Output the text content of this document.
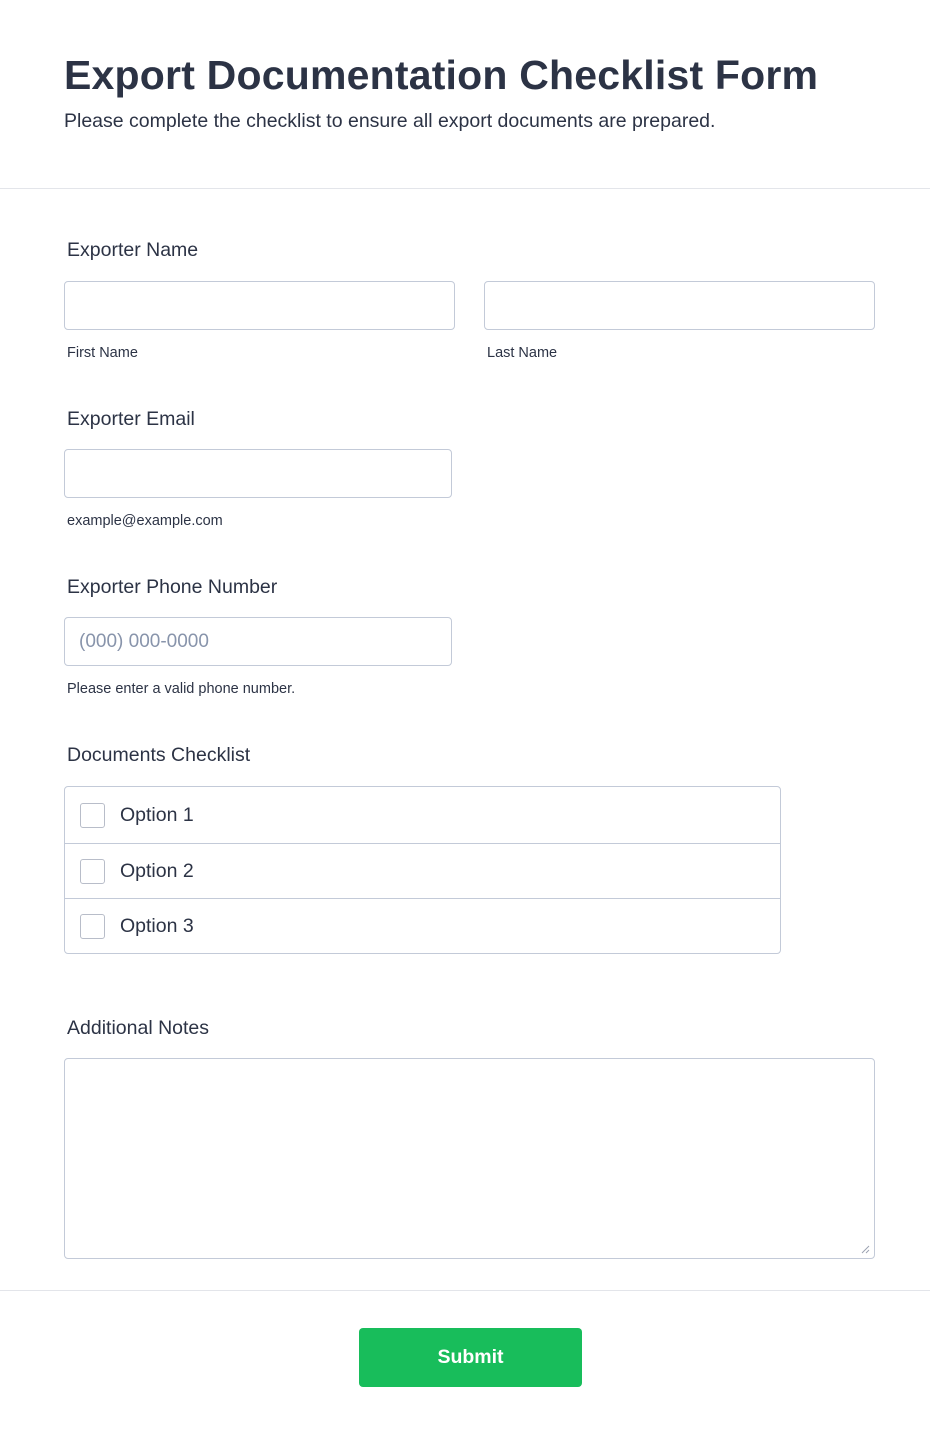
Export Documentation Checklist Form

Please complete the checklist to ensure all export documents are prepared.

Exporter Name
First Name	Last Name
Exporter Email
example@example.com
Exporter Phone Number
(000) 000-0000
Please enter a valid phone number.
Documents Checklist
Option 1
Option 2
Option 3
Additional Notes
Submit
